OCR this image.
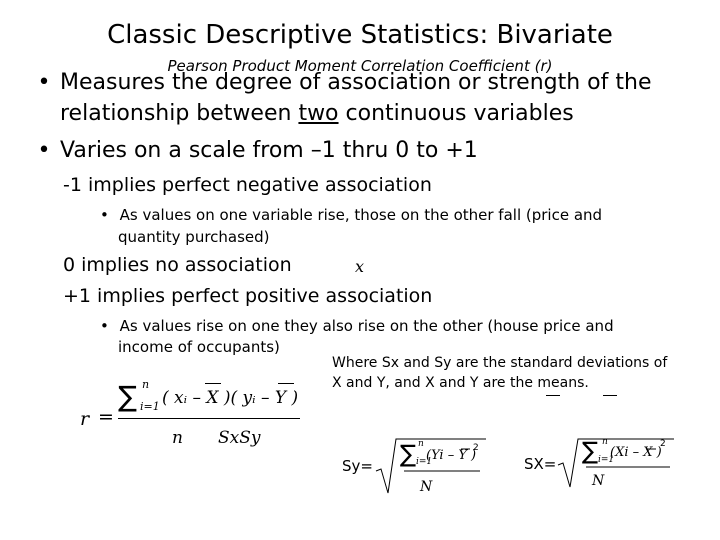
Classic Descriptive Statistics: Bivariate
Pearson Product Moment Correlation Coefficient (r)
• Measures the degree of association or strength of the
relationship between two continuous variables
• Varies on a scale from –1 thru 0 to +1
-1 implies perfect negative association
• As values on one variable rise, those on the other fall (price and
quantity purchased)
0 implies no association	x
+1 implies perfect positive association
• As values rise on one they also rise on the other (house price and
income of occupants)
Where Sx and Sy are the standard deviations of X and Y, and X and Y are the means.
r =
∑ n
i=1 ( xᵢ – X )( yᵢ – Y )
n SxSy
Sy= ∑ n
i=1
(Yi – Y )
2
N
SX= ∑ n
i=1
(Xi – X )
2
N
